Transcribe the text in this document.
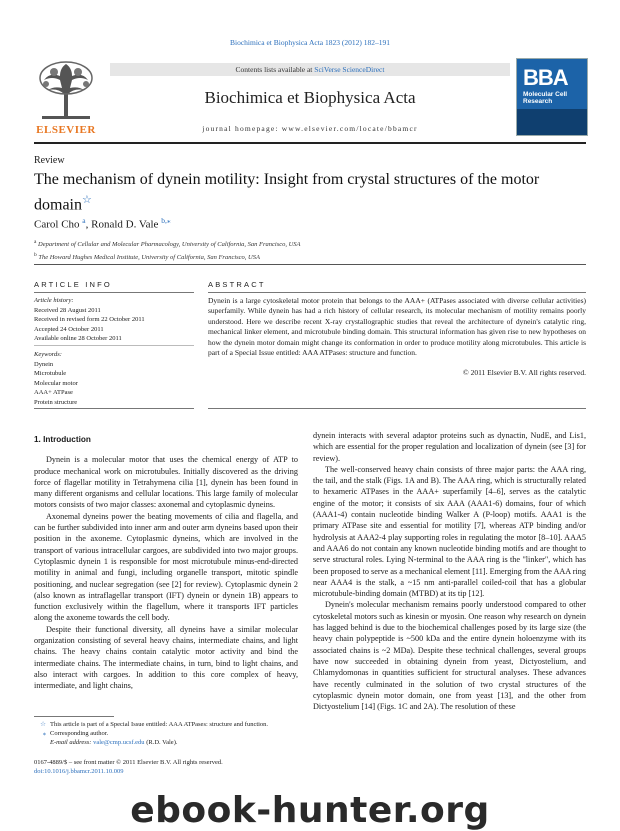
Biochimica et Biophysica Acta 1823 (2012) 182–191
ELSEVIER
Contents lists available at SciVerse ScienceDirect
Biochimica et Biophysica Acta
journal homepage: www.elsevier.com/locate/bbamcr
BBA
Molecular Cell Research
Review
The mechanism of dynein motility: Insight from crystal structures of the motor domain☆
Carol Cho $^a$, Ronald D. Vale $^{b,⁎}$
$^a$ Department of Cellular and Molecular Pharmacology, University of California, San Francisco, USA
$^b$ The Howard Hughes Medical Institute, University of California, San Francisco, USA
ARTICLE INFO	ABSTRACT
Article history:
Received 28 August 2011
Received in revised form 22 October 2011
Accepted 24 October 2011
Available online 28 October 2011
Keywords:
Dynein
Microtubule
Molecular motor
AAA+ ATPase
Protein structure
Dynein is a large cytoskeletal motor protein that belongs to the AAA+ (ATPases associated with diverse cellular activities) superfamily. While dynein has had a rich history of cellular research, its molecular mechanism of motility remains poorly understood. Here we describe recent X-ray crystallographic studies that reveal the architecture of dynein's catalytic ring, mechanical linker element, and microtubule binding domain. This structural information has given rise to new hypotheses on how the dynein motor domain might change its conformation in order to produce motility along microtubules. This article is part of a Special Issue entitled: AAA ATPases: structure and function.
© 2011 Elsevier B.V. All rights reserved.
1. Introduction

Dynein is a molecular motor that uses the chemical energy of ATP to produce mechanical work on microtubules. Initially discovered as the driving force of flagellar motility in Tetrahymena cilia [1], dynein has been found in many different organisms and cellular locations. This large family of molecular motors consists of two major classes: axonemal and cytoplasmic dyneins.

Axonemal dyneins power the beating movements of cilia and flagella, and can be further subdivided into inner arm and outer arm dyneins based upon their position in the axoneme. Cytoplasmic dyneins, which are involved in the transport of various intracellular cargoes, are subdivided into two major groups. Cytoplasmic dynein 1 is responsible for most microtubule minus-end-directed motility in animal and fungi, including organelle transport, mitotic spindle positioning, and nuclear segregation (see [2] for review). Cytoplasmic dynein 2 (also known as intraflagellar transport (IFT) dynein or dynein 1B) appears to function exclusively within the flagellum, where it transports IFT particles along the axoneme towards the cell body.

Despite their functional diversity, all dyneins have a similar molecular organization consisting of several heavy chains, intermediate chains, and light chains. The heavy chains contain catalytic motor activity and bind the intermediate chains. The intermediate chains, in turn, bind to light chains, and also interact with cargoes. In addition to this core complex of heavy, intermediate, and light chains,

dynein interacts with several adaptor proteins such as dynactin, NudE, and Lis1, which are essential for the proper regulation and localization of dynein (see [3] for review).

The well-conserved heavy chain consists of three major parts: the AAA ring, the tail, and the stalk (Figs. 1A and B). The AAA ring, which is structurally related to hexameric ATPases in the AAA+ superfamily [4–6], serves as the catalytic engine of the motor; it consists of six AAA (AAA1-6) domains, four of which (AAA1-4) contain nucleotide binding Walker A (P-loop) motifs. AAA1 is the primary ATPase site and essential for motility [7], whereas ATP binding and/or hydrolysis at AAA2-4 play supporting roles in regulating the motor [8–10]. AAA5 and AAA6 do not contain any known nucleotide binding motifs and are thought to serve structural roles. Lying N-terminal to the AAA ring is the "linker", which has been proposed to serve as a mechanical element [11]. Emerging from the AAA ring near AAA4 is the stalk, a ~15 nm anti-parallel coiled-coil that has a globular microtubule-binding domain (MTBD) at its tip [12].

Dynein's molecular mechanism remains poorly understood compared to other cytoskeletal motors such as kinesin or myosin. One reason why research on dynein has lagged behind is due to the biochemical challenges posed by its large size (the heavy chain polypeptide is ~500 kDa and the entire dynein holoenzyme with its associated chains is ~2 MDa). Despite these technical challenges, several groups have now succeeded in obtaining dynein from yeast, Dictyostelium, and Chlamydomonas in quantities sufficient for structural analyses. These advances have recently culminated in the solution of two crystal structures of the cytoplasmic dynein motor domain, one from yeast [13], and the other from Dictyostelium [14] (Figs. 1C and 2A). The resolution of these

☆ This article is part of a Special Issue entitled: AAA ATPases: structure and function.
⁎ Corresponding author.
E-mail address: vale@cmp.ucsf.edu (R.D. Vale).
0167-4889/$ – see front matter © 2011 Elsevier B.V. All rights reserved.
doi:10.1016/j.bbamcr.2011.10.009
ebook-hunter.org
